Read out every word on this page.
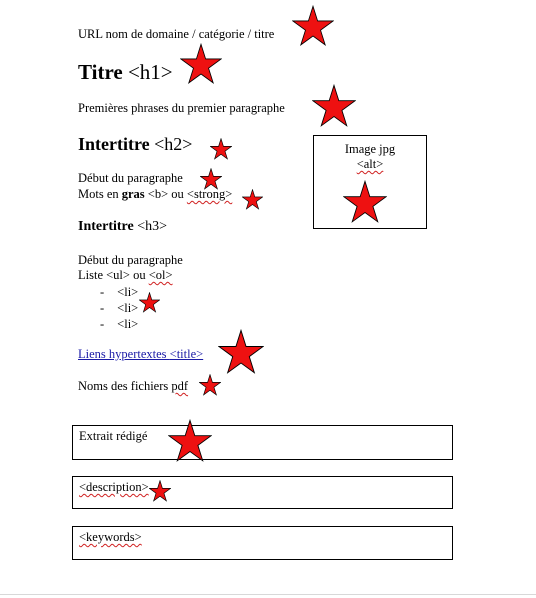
URL nom de domaine / catégorie / titre
Titre <h1>
Premières phrases du premier paragraphe
Intertitre <h2>
Début du paragraphe
Mots en gras <b> ou <strong>
Intertitre <h3>
Début du paragraphe
Liste <ul> ou <ol>
- <li>
- <li>
- <li>
Liens hypertextes <title>
Noms des fichiers pdf
Image jpg
<alt>
Extrait rédigé
<description>
<keywords>
